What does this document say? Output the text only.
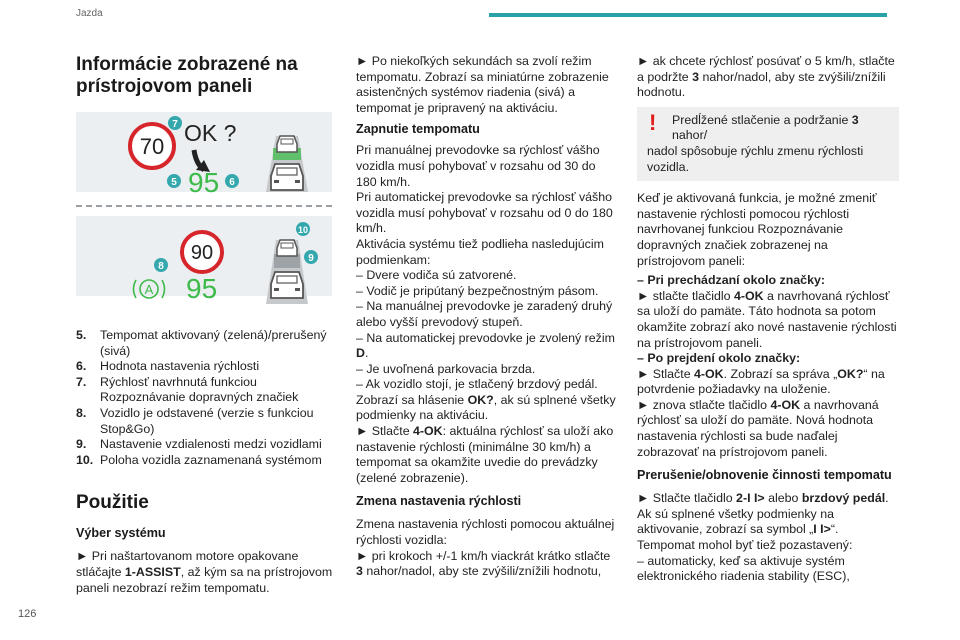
Jazda
Informácie zobrazené na prístrojovom paneli
70
OK ?
95
7
5	6
90
95
A
10
9
8
5. Tempomat aktivovaný (zelená)/prerušený (sivá)
6. Hodnota nastavenia rýchlosti
7. Rýchlosť navrhnutá funkciou Rozpoznávanie dopravných značiek
8. Vozidlo je odstavené (verzie s funkciou Stop&Go)
9. Nastavenie vzdialenosti medzi vozidlami
10. Poloha vozidla zaznamenaná systémom
Použitie
Výber systému

► Pri naštartovanom motore opakovane stláčajte 1-ASSIST, až kým sa na prístrojovom paneli nezobrazí režim tempomatu.

► Po niekoľkých sekundách sa zvolí režim tempomatu. Zobrazí sa miniatúrne zobrazenie asistenčných systémov riadenia (sivá) a tempomat je pripravený na aktiváciu.

Zapnutie tempomatu
Pri manuálnej prevodovke sa rýchlosť vášho vozidla musí pohybovať v rozsahu od 30 do 180 km/h.
Pri automatickej prevodovke sa rýchlosť vášho vozidla musí pohybovať v rozsahu od 0 do 180 km/h.
Aktivácia systému tiež podlieha nasledujúcim podmienkam:
– Dvere vodiča sú zatvorené.
– Vodič je pripútaný bezpečnostným pásom.
– Na manuálnej prevodovke je zaradený druhý alebo vyšší prevodový stupeň.
– Na automatickej prevodovke je zvolený režim D.
– Je uvoľnená parkovacia brzda.
– Ak vozidlo stojí, je stlačený brzdový pedál.
Zobrazí sa hlásenie OK?, ak sú splnené všetky podmienky na aktiváciu.
► Stlačte 4-OK: aktuálna rýchlosť sa uloží ako nastavenie rýchlosti (minimálne 30 km/h) a tempomat sa okamžite uvedie do prevádzky (zelené zobrazenie).
Zmena nastavenia rýchlosti
Zmena nastavenia rýchlosti pomocou aktuálnej rýchlosti vozidla:
► pri krokoch +/-1 km/h viackrát krátko stlačte 3 nahor/nadol, aby ste zvýšili/znížili hodnotu,

► ak chcete rýchlosť posúvať o 5 km/h, stlačte a podržte 3 nahor/nadol, aby ste zvýšili/znížili hodnotu.

!	Predĺžené stlačenie a podržanie 3 nahor/
nadol spôsobuje rýchlu zmenu rýchlosti vozidla.

Keď je aktivovaná funkcia, je možné zmeniť nastavenie rýchlosti pomocou rýchlosti navrhovanej funkciou Rozpoznávanie dopravných značiek zobrazenej na prístrojovom paneli:

– Pri prechádzaní okolo značky:
► stlačte tlačidlo 4-OK a navrhovaná rýchlosť sa uloží do pamäte. Táto hodnota sa potom okamžite zobrazí ako nové nastavenie rýchlosti na prístrojovom paneli.
– Po prejdení okolo značky:
► Stlačte 4-OK. Zobrazí sa správa „OK?“ na potvrdenie požiadavky na uloženie.
► znova stlačte tlačidlo 4-OK a navrhovaná rýchlosť sa uloží do pamäte. Nová hodnota nastavenia rýchlosti sa bude naďalej zobrazovať na prístrojovom paneli.
Prerušenie/obnovenie činnosti tempomatu
► Stlačte tlačidlo 2-I I> alebo brzdový pedál.
Ak sú splnené všetky podmienky na aktivovanie, zobrazí sa symbol „I I>“.
Tempomat mohol byť tiež pozastavený:
– automaticky, keď sa aktivuje systém elektronického riadenia stability (ESC),
126
